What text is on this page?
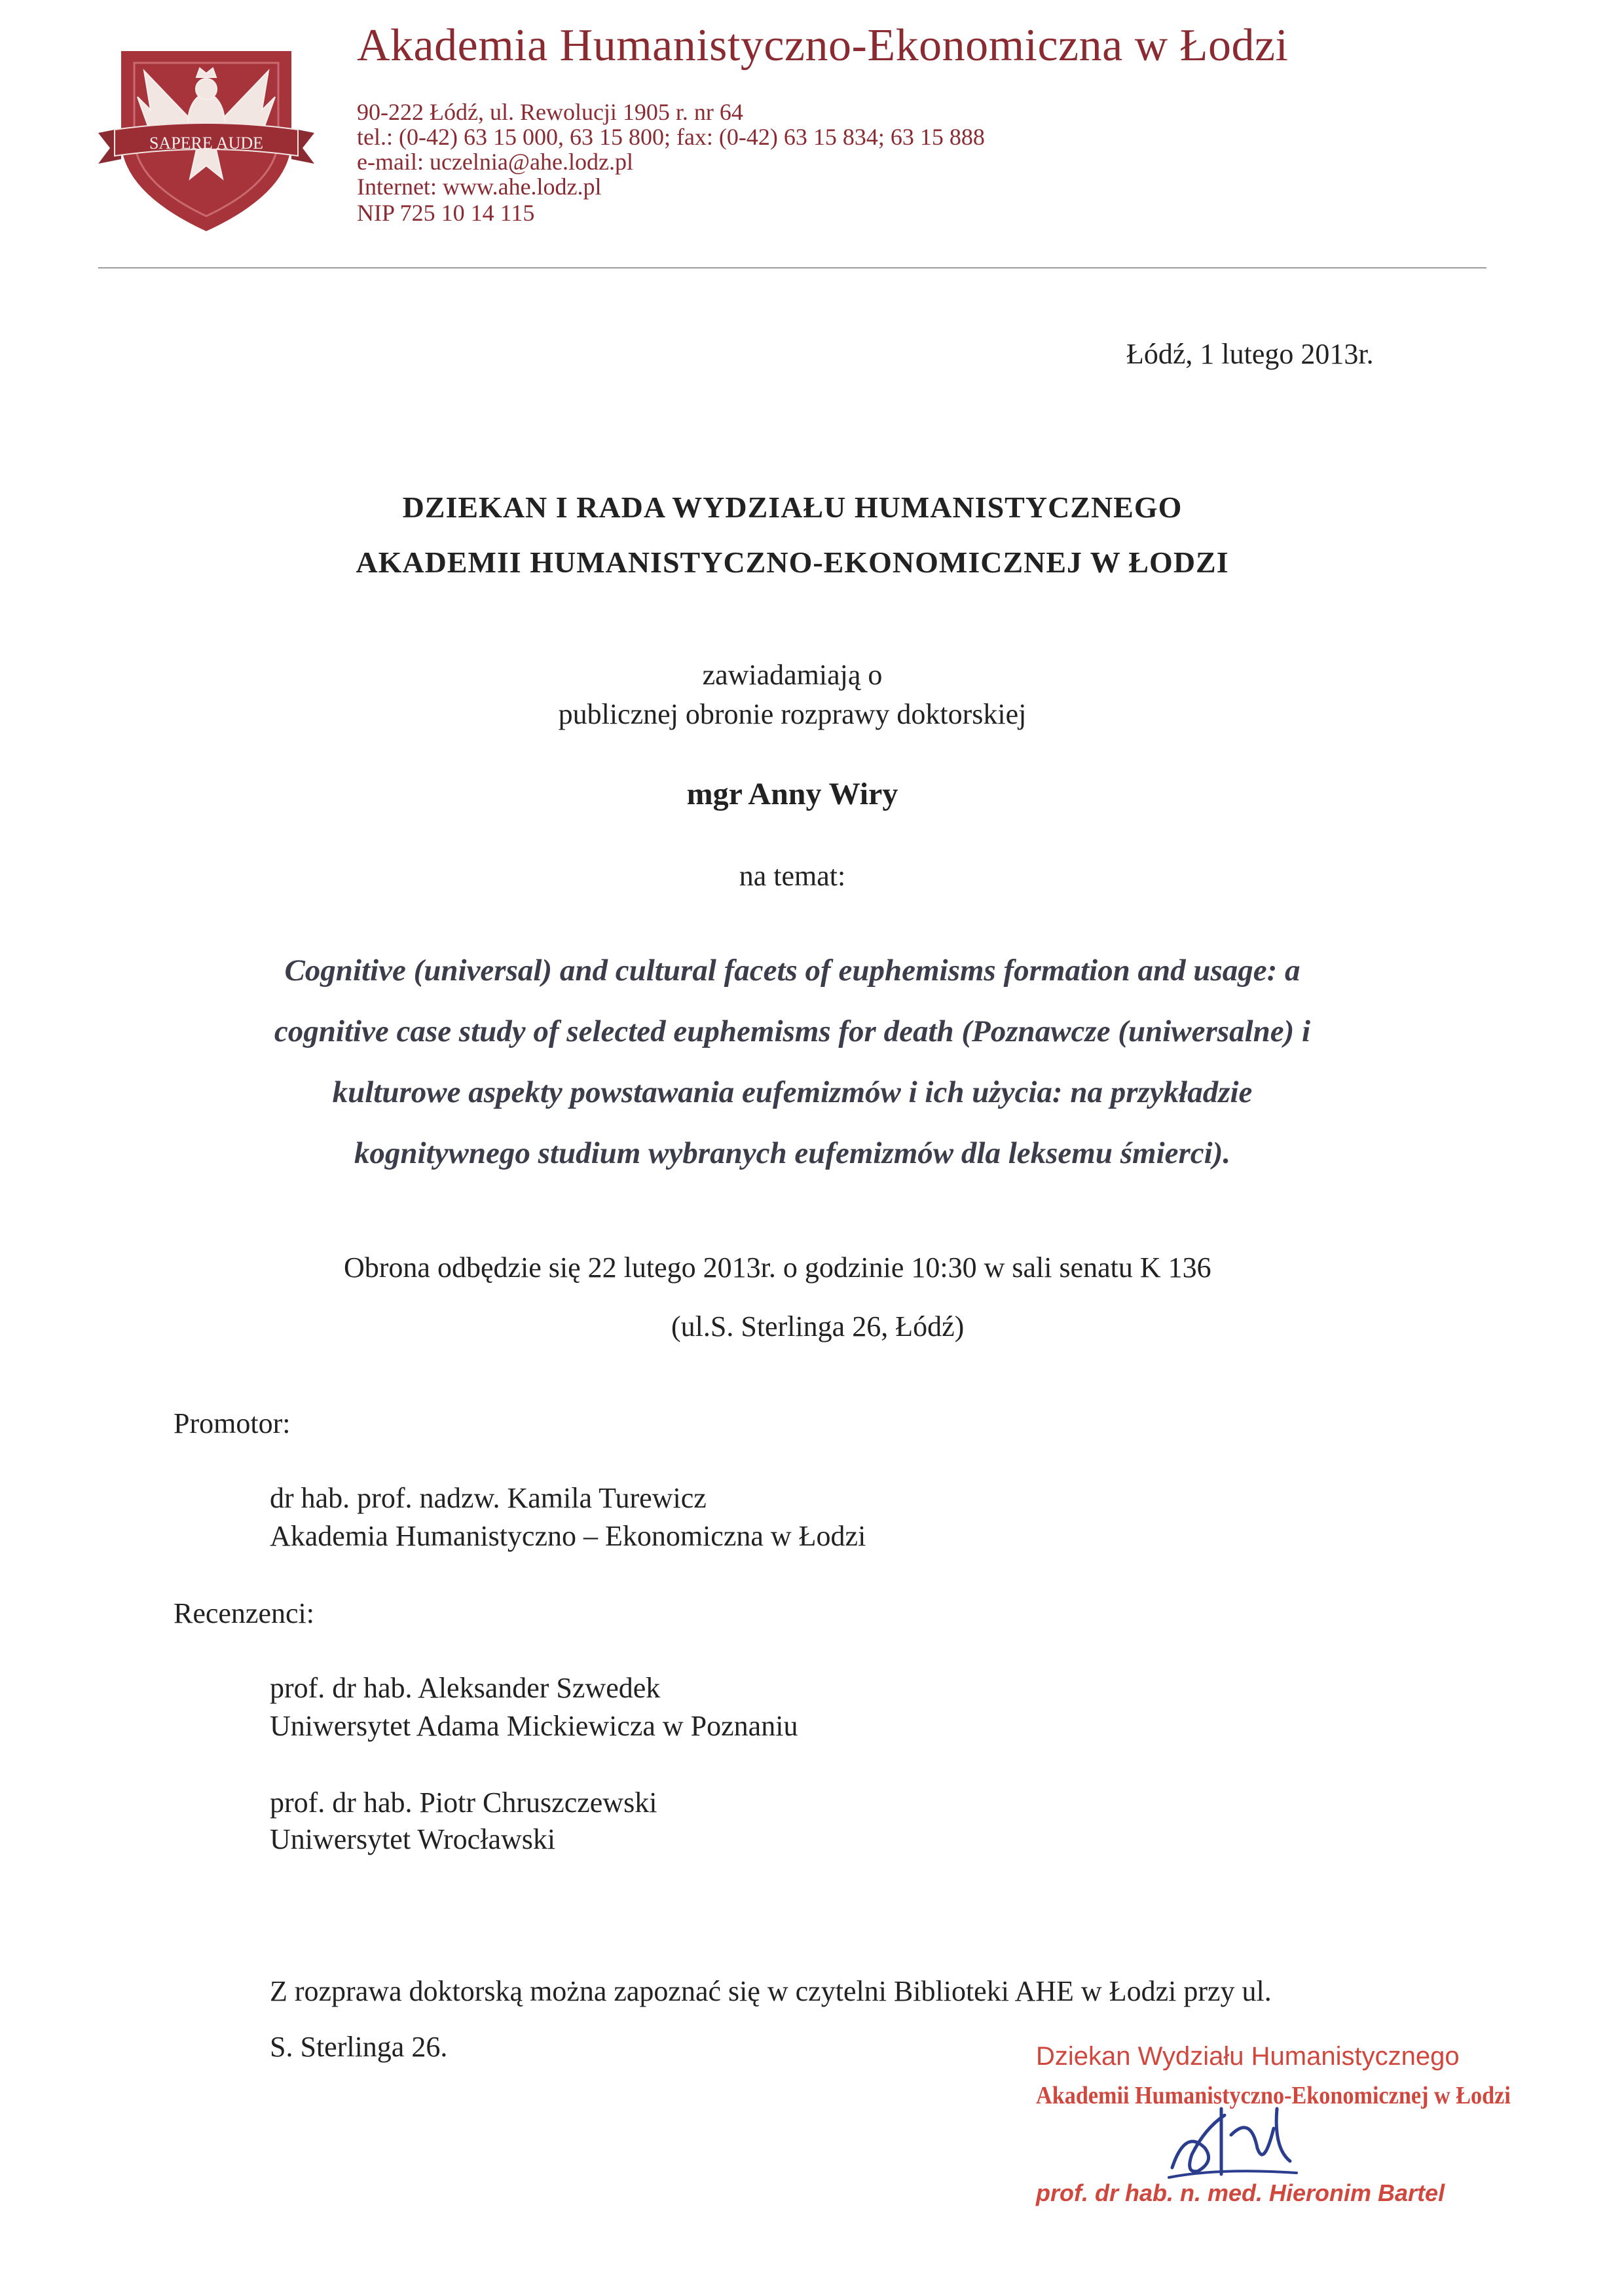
SAPERE AUDE
Akademia Humanistyczno-Ekonomiczna w Łodzi
90-222 Łódź, ul. Rewolucji 1905 r. nr 64
tel.: (0-42) 63 15 000, 63 15 800; fax: (0-42) 63 15 834; 63 15 888
e-mail: uczelnia@ahe.lodz.pl
Internet: www.ahe.lodz.pl
NIP 725 10 14 115
Łódź, 1 lutego 2013r.
DZIEKAN I RADA WYDZIAŁU HUMANISTYCZNEGO
AKADEMII HUMANISTYCZNO-EKONOMICZNEJ W ŁODZI
zawiadamiają o
publicznej obronie rozprawy doktorskiej
mgr Anny Wiry
na temat:
Cognitive (universal) and cultural facets of euphemisms formation and usage: a
cognitive case study of selected euphemisms for death (Poznawcze (uniwersalne) i
kulturowe aspekty powstawania eufemizmów i ich użycia: na przykładzie
kognitywnego studium wybranych eufemizmów dla leksemu śmierci).
Obrona odbędzie się 22 lutego 2013r. o godzinie 10:30 w sali senatu K 136
(ul.S. Sterlinga 26, Łódź)
Promotor:
dr hab. prof. nadzw. Kamila Turewicz
Akademia Humanistyczno – Ekonomiczna w Łodzi
Recenzenci:
prof. dr hab. Aleksander Szwedek
Uniwersytet Adama Mickiewicza w Poznaniu
prof. dr hab. Piotr Chruszczewski
Uniwersytet Wrocławski
Z rozprawa doktorską można zapoznać się w czytelni Biblioteki AHE w Łodzi przy ul.
S. Sterlinga 26.	Dziekan Wydziału Humanistycznego
Akademii Humanistyczno-Ekonomicznej w Łodzi
prof. dr hab. n. med. Hieronim Bartel
